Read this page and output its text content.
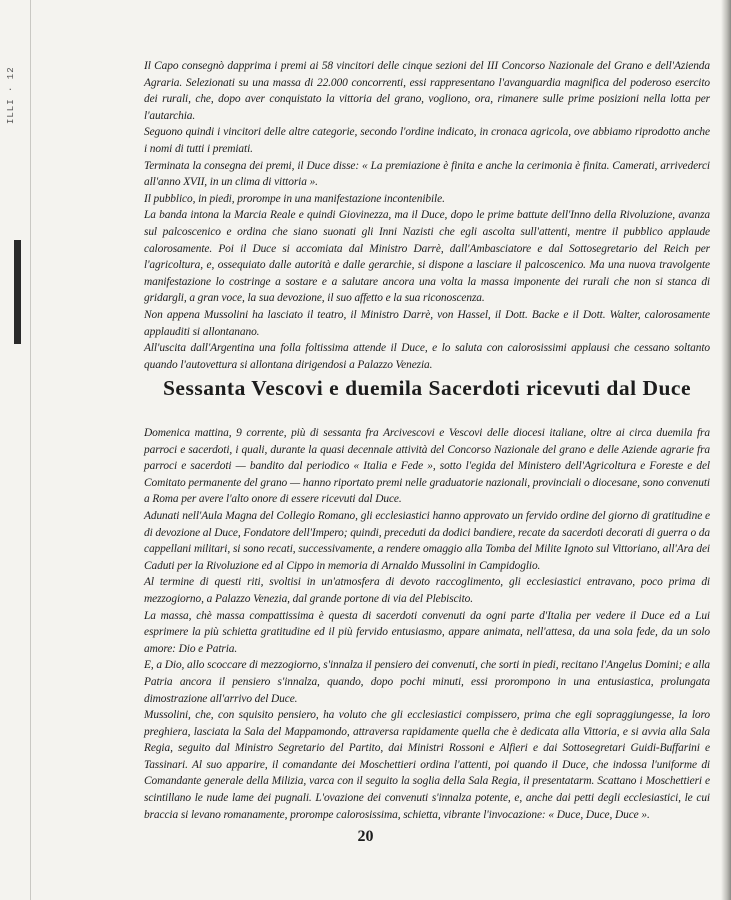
ILLI · 12

Il Capo consegnò dapprima i premi ai 58 vincitori delle cinque sezioni del III Concorso Nazionale del Grano e dell'Azienda Agraria. Selezionati su una massa di 22.000 concorrenti, essi rappresentano l'avanguardia magnifica del poderoso esercito dei rurali, che, dopo aver conquistato la vittoria del grano, vogliono, ora, rimanere sulle prime posizioni nella lotta per l'autarchia.

Seguono quindi i vincitori delle altre categorie, secondo l'ordine indicato, in cronaca agricola, ove abbiamo riprodotto anche i nomi di tutti i premiati.

Terminata la consegna dei premi, il Duce disse: « La premiazione è finita e anche la cerimonia è finita. Camerati, arrivederci all'anno XVII, in un clima di vittoria ».

Il pubblico, in piedi, prorompe in una manifestazione incontenibile.

La banda intona la Marcia Reale e quindi Giovinezza, ma il Duce, dopo le prime battute dell'Inno della Rivoluzione, avanza sul palcoscenico e ordina che siano suonati gli Inni Nazisti che egli ascolta sull'attenti, mentre il pubblico applaude calorosamente. Poi il Duce si accomiata dal Ministro Darrè, dall'Ambasciatore e dal Sottosegretario del Reich per l'agricoltura, e, ossequiato dalle autorità e dalle gerarchie, si dispone a lasciare il palcoscenico. Ma una nuova travolgente manifestazione lo costringe a sostare e a salutare ancora una volta la massa imponente dei rurali che non si stanca di gridargli, a gran voce, la sua devozione, il suo affetto e la sua riconoscenza.

Non appena Mussolini ha lasciato il teatro, il Ministro Darrè, von Hassel, il Dott. Backe e il Dott. Walter, calorosamente applauditi si allontanano.

All'uscita dall'Argentina una folla foltissima attende il Duce, e lo saluta con calorosissimi applausi che cessano soltanto quando l'autovettura si allontana dirigendosi a Palazzo Venezia.

Sessanta Vescovi e duemila Sacerdoti ricevuti dal Duce

Domenica mattina, 9 corrente, più di sessanta fra Arcivescovi e Vescovi delle diocesi italiane, oltre ai circa duemila fra parroci e sacerdoti, i quali, durante la quasi decennale attività del Concorso Nazionale del grano e delle Aziende agrarie fra parroci e sacerdoti — bandito dal periodico « Italia e Fede », sotto l'egida del Ministero dell'Agricoltura e Foreste e del Comitato permanente del grano — hanno riportato premi nelle graduatorie nazionali, provinciali o diocesane, sono convenuti a Roma per avere l'alto onore di essere ricevuti dal Duce.

Adunati nell'Aula Magna del Collegio Romano, gli ecclesiastici hanno approvato un fervido ordine del giorno di gratitudine e di devozione al Duce, Fondatore dell'Impero; quindi, preceduti da dodici bandiere, recate da sacerdoti decorati di guerra o da cappellani militari, si sono recati, successivamente, a rendere omaggio alla Tomba del Milite Ignoto sul Vittoriano, all'Ara dei Caduti per la Rivoluzione ed al Cippo in memoria di Arnaldo Mussolini in Campidoglio.

Al termine di questi riti, svoltisi in un'atmosfera di devoto raccoglimento, gli ecclesiastici entravano, poco prima di mezzogiorno, a Palazzo Venezia, dal grande portone di via del Plebiscito.

La massa, chè massa compattissima è questa di sacerdoti convenuti da ogni parte d'Italia per vedere il Duce ed a Lui esprimere la più schietta gratitudine ed il più fervido entusiasmo, appare animata, nell'attesa, da una sola fede, da un solo amore: Dio e Patria.

E, a Dio, allo scoccare di mezzogiorno, s'innalza il pensiero dei convenuti, che sorti in piedi, recitano l'Angelus Domini; e alla Patria ancora il pensiero s'innalza, quando, dopo pochi minuti, essi prorompono in una entusiastica, prolungata dimostrazione all'arrivo del Duce.

Mussolini, che, con squisito pensiero, ha voluto che gli ecclesiastici compissero, prima che egli sopraggiungesse, la loro preghiera, lasciata la Sala del Mappamondo, attraversa rapidamente quella che è dedicata alla Vittoria, e si avvia alla Sala Regia, seguito dal Ministro Segretario del Partito, dai Ministri Rossoni e Alfieri e dai Sottosegretari Guidi-Buffarini e Tassinari. Al suo apparire, il comandante dei Moschettieri ordina l'attenti, poi quando il Duce, che indossa l'uniforme di Comandante generale della Milizia, varca con il seguito la soglia della Sala Regia, il presentatarm. Scattano i Moschettieri e scintillano le nude lame dei pugnali. L'ovazione dei convenuti s'innalza potente, e, anche dai petti degli ecclesiastici, le cui braccia si levano romanamente, prorompe calorosissima, schietta, vibrante l'invocazione: « Duce, Duce, Duce ».

20
